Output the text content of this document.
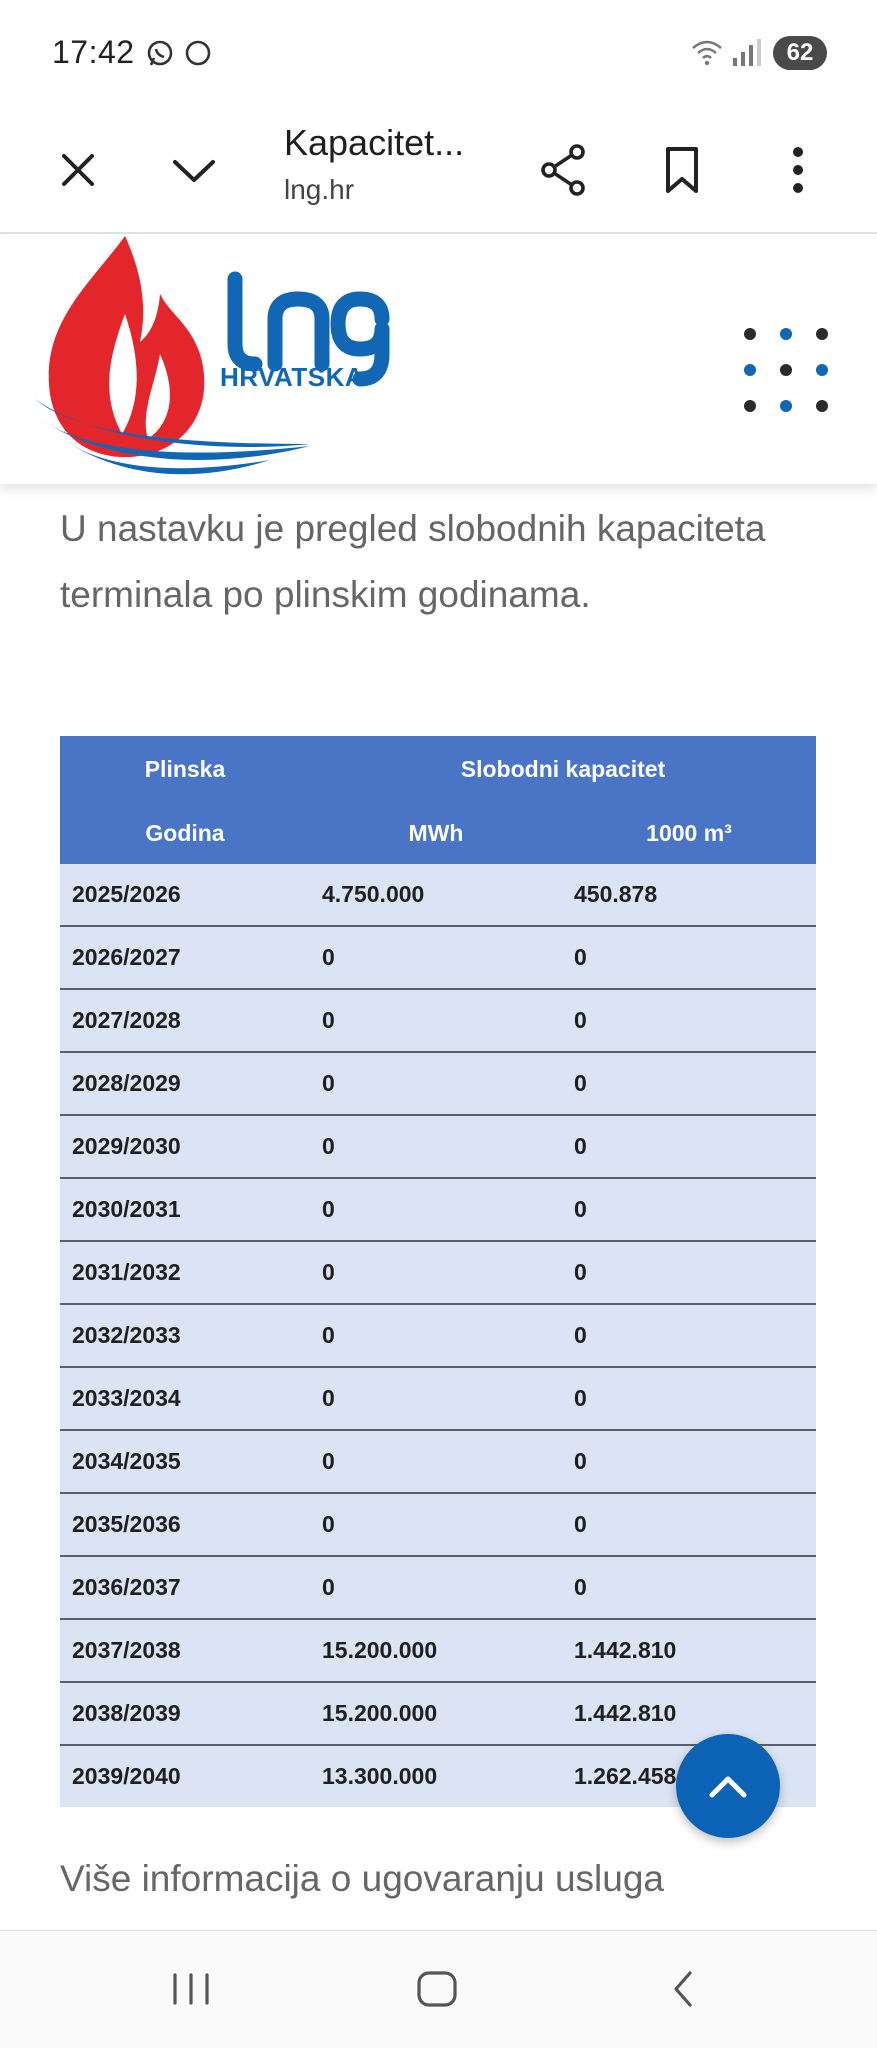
17:42	62
Kapacitet...
lng.hr
HRVATSKA

U nastavku je pregled slobodnih kapaciteta terminala po plinskim godinama.

Plinska	Slobodni kapacitet	
Godina	MWh	1000 m³
2025/2026	4.750.000	450.878
2026/2027	0	0
2027/2028	0	0
2028/2029	0	0
2029/2030	0	0
2030/2031	0	0
2031/2032	0	0
2032/2033	0	0
2033/2034	0	0
2034/2035	0	0
2035/2036	0	0
2036/2037	0	0
2037/2038	15.200.000	1.442.810
2038/2039	15.200.000	1.442.810
2039/2040	13.300.000	1.262.458
Više informacija o ugovaranju usluga
